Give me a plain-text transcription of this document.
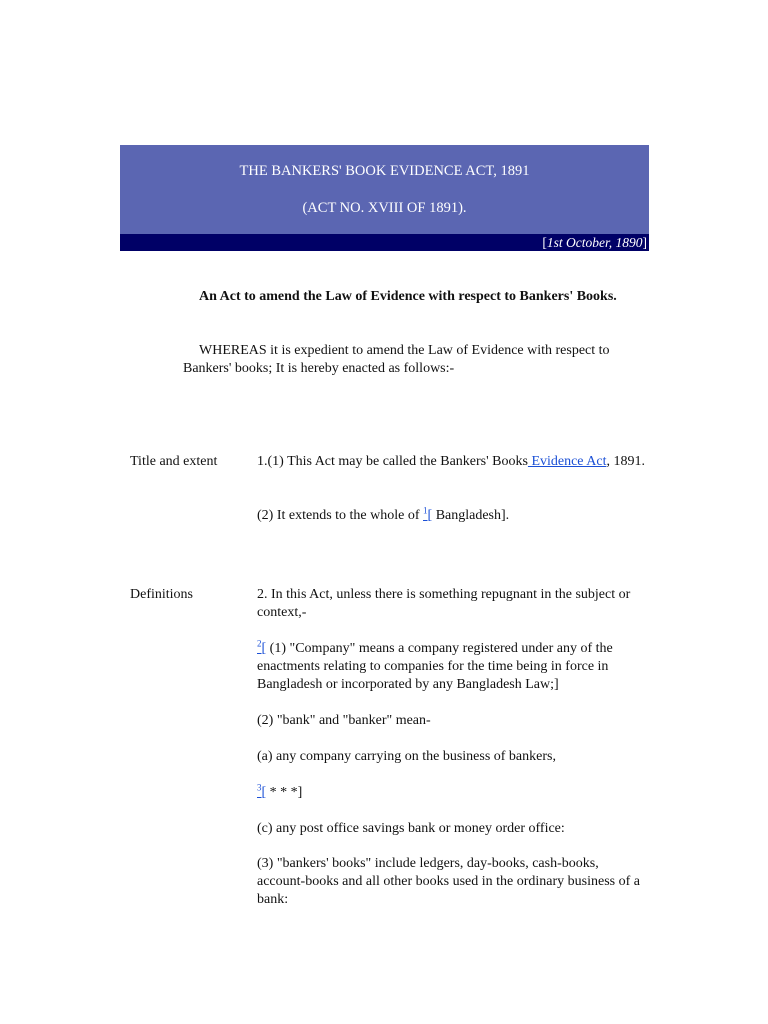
THE BANKERS' BOOK EVIDENCE ACT, 1891
(ACT NO. XVIII OF 1891).
[1st October, 1890]
An Act to amend the Law of Evidence with respect to Bankers' Books.
WHEREAS it is expedient to amend the Law of Evidence with respect to Bankers' books; It is hereby enacted as follows:-
Title and extent	1.(1) This Act may be called the Bankers' Books Evidence Act, 1891.
(2) It extends to the whole of $^1$[ Bangladesh].
Definitions	2. In this Act, unless there is something repugnant in the subject or context,-
$^2$[ (1) "Company" means a company registered under any of the enactments relating to companies for the time being in force in Bangladesh or incorporated by any Bangladesh Law;]
(2) "bank" and "banker" mean-
(a) any company carrying on the business of bankers,
$^3$[ * * *]
(c) any post office savings bank or money order office:
(3) "bankers' books" include ledgers, day-books, cash-books, account-books and all other books used in the ordinary business of a bank:
